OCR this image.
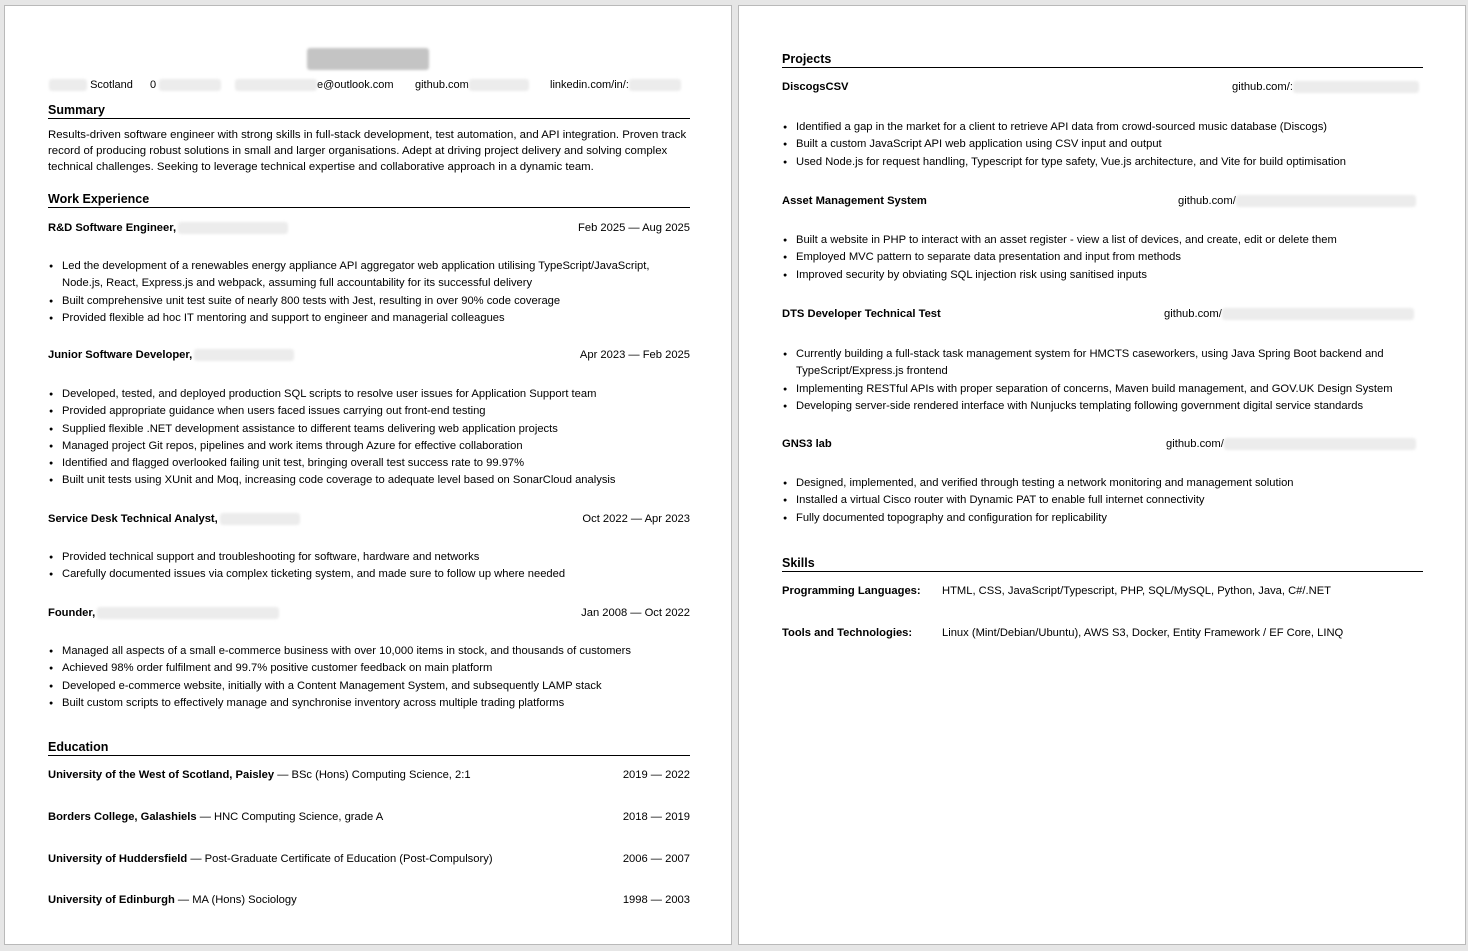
Scotland 0	e@outlook.com github.com	linkedin.com/in/:
Summary
Results-driven software engineer with strong skills in full-stack development, test automation, and API integration. Proven track record of producing robust solutions in small and larger organisations. Adept at driving project delivery and solving complex technical challenges. Seeking to leverage technical expertise and collaborative approach in a dynamic team.
Work Experience
R&D Software Engineer,	Feb 2025 — Aug 2025
● Led the development of a renewables energy appliance API aggregator web application utilising TypeScript/JavaScript, Node.js, React, Express.js and webpack, assuming full accountability for its successful delivery
● Built comprehensive unit test suite of nearly 800 tests with Jest, resulting in over 90% code coverage
● Provided flexible ad hoc IT mentoring and support to engineer and managerial colleagues
Junior Software Developer,	Apr 2023 — Feb 2025
● Developed, tested, and deployed production SQL scripts to resolve user issues for Application Support team
● Provided appropriate guidance when users faced issues carrying out front-end testing
● Supplied flexible .NET development assistance to different teams delivering web application projects
● Managed project Git repos, pipelines and work items through Azure for effective collaboration
● Identified and flagged overlooked failing unit test, bringing overall test success rate to 99.97%
● Built unit tests using XUnit and Moq, increasing code coverage to adequate level based on SonarCloud analysis
Service Desk Technical Analyst,	Oct 2022 — Apr 2023
● Provided technical support and troubleshooting for software, hardware and networks
● Carefully documented issues via complex ticketing system, and made sure to follow up where needed
Founder,	Jan 2008 — Oct 2022
● Managed all aspects of a small e-commerce business with over 10,000 items in stock, and thousands of customers
● Achieved 98% order fulfilment and 99.7% positive customer feedback on main platform
● Developed e-commerce website, initially with a Content Management System, and subsequently LAMP stack
● Built custom scripts to effectively manage and synchronise inventory across multiple trading platforms
Education
University of the West of Scotland, Paisley — BSc (Hons) Computing Science, 2:1	2019 — 2022
Borders College, Galashiels — HNC Computing Science, grade A	2018 — 2019
University of Huddersfield — Post-Graduate Certificate of Education (Post-Compulsory)	2006 — 2007
University of Edinburgh — MA (Hons) Sociology	1998 — 2003
Projects
DiscogsCSV	github.com/:
● Identified a gap in the market for a client to retrieve API data from crowd-sourced music database (Discogs)
● Built a custom JavaScript API web application using CSV input and output
● Used Node.js for request handling, Typescript for type safety, Vue.js architecture, and Vite for build optimisation
Asset Management System	github.com/
● Built a website in PHP to interact with an asset register - view a list of devices, and create, edit or delete them
● Employed MVC pattern to separate data presentation and input from methods
● Improved security by obviating SQL injection risk using sanitised inputs
DTS Developer Technical Test	github.com/
● Currently building a full-stack task management system for HMCTS caseworkers, using Java Spring Boot backend and TypeScript/Express.js frontend
● Implementing RESTful APIs with proper separation of concerns, Maven build management, and GOV.UK Design System
● Developing server-side rendered interface with Nunjucks templating following government digital service standards
GNS3 lab	github.com/
● Designed, implemented, and verified through testing a network monitoring and management solution
● Installed a virtual Cisco router with Dynamic PAT to enable full internet connectivity
● Fully documented topography and configuration for replicability
Skills
Programming Languages: HTML, CSS, JavaScript/Typescript, PHP, SQL/MySQL, Python, Java, C#/.NET
Tools and Technologies:	Linux (Mint/Debian/Ubuntu), AWS S3, Docker, Entity Framework / EF Core, LINQ
